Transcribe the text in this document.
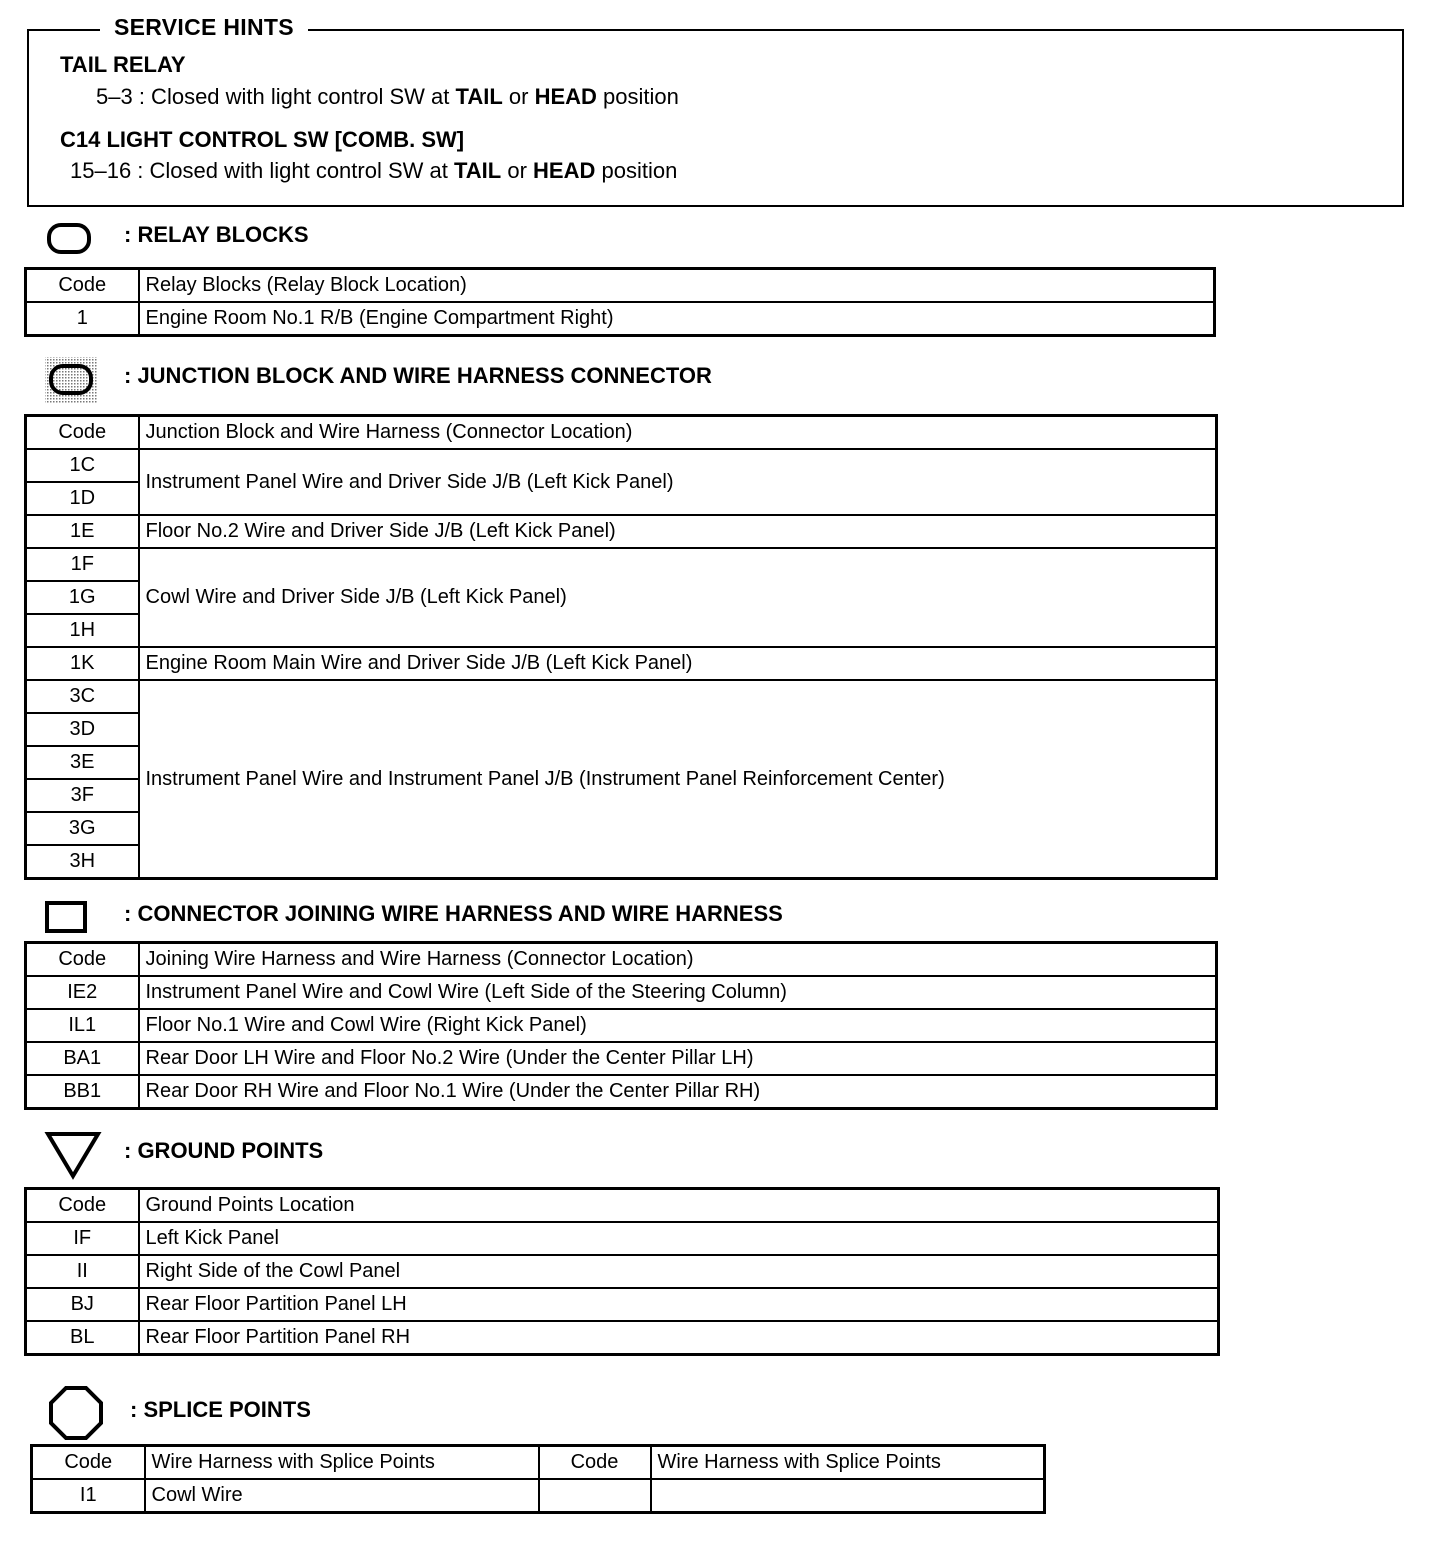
SERVICE HINTS
TAIL RELAY
5–3 : Closed with light control SW at TAIL or HEAD position
C14 LIGHT CONTROL SW [COMB. SW]
15–16 : Closed with light control SW at TAIL or HEAD position
: RELAY BLOCKS
Code	Relay Blocks (Relay Block Location)
1	Engine Room No.1 R/B (Engine Compartment Right)
: JUNCTION BLOCK AND WIRE HARNESS CONNECTOR
Code	Junction Block and Wire Harness (Connector Location)
1C	Instrument Panel Wire and Driver Side J/B (Left Kick Panel)
1D	
1E	Floor No.2 Wire and Driver Side J/B (Left Kick Panel)
1F	Cowl Wire and Driver Side J/B (Left Kick Panel)
1G	
1H	
1K	Engine Room Main Wire and Driver Side J/B (Left Kick Panel)
3C	Instrument Panel Wire and Instrument Panel J/B (Instrument Panel Reinforcement Center)
3D	
3E	
3F	
3G	
3H	
: CONNECTOR JOINING WIRE HARNESS AND WIRE HARNESS
Code	Joining Wire Harness and Wire Harness (Connector Location)
IE2	Instrument Panel Wire and Cowl Wire (Left Side of the Steering Column)
IL1	Floor No.1 Wire and Cowl Wire (Right Kick Panel)
BA1	Rear Door LH Wire and Floor No.2 Wire (Under the Center Pillar LH)
BB1	Rear Door RH Wire and Floor No.1 Wire (Under the Center Pillar RH)
: GROUND POINTS
Code	Ground Points Location
IF	Left Kick Panel
II	Right Side of the Cowl Panel
BJ	Rear Floor Partition Panel LH
BL	Rear Floor Partition Panel RH
: SPLICE POINTS
Code	Wire Harness with Splice Points	Code	Wire Harness with Splice Points
I1	Cowl Wire		
